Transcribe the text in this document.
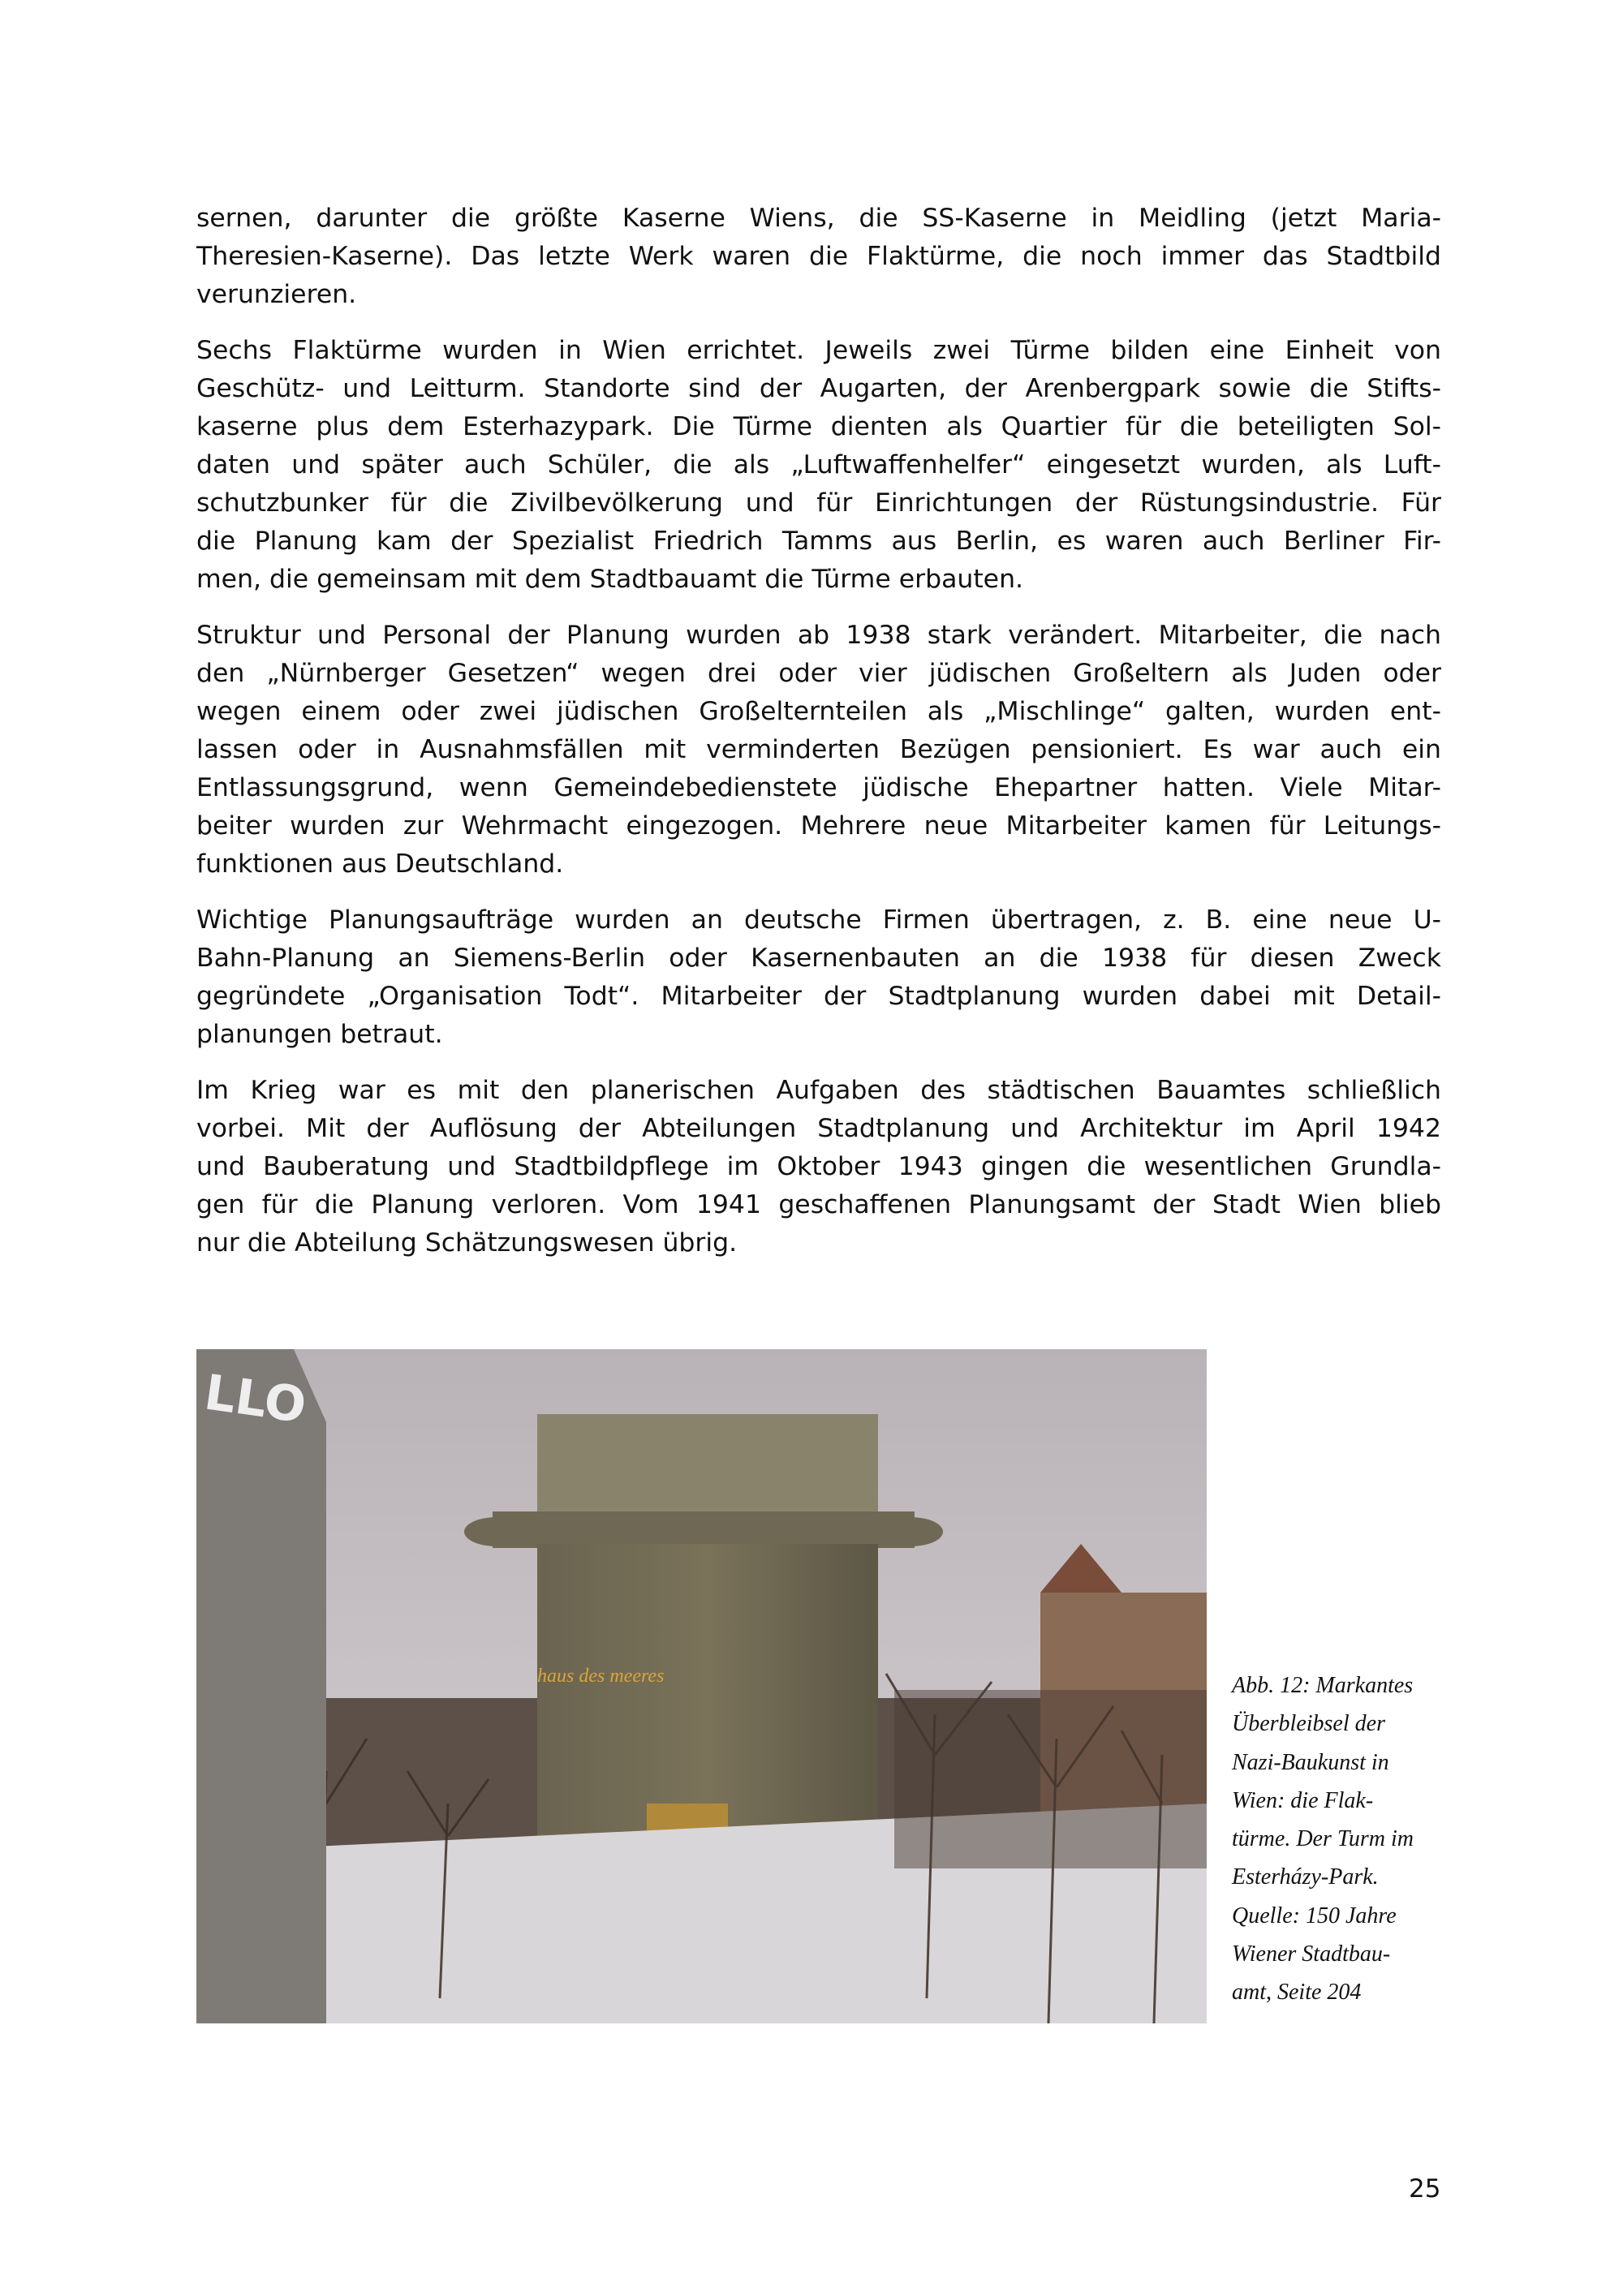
sernen, darunter die größte Kaserne Wiens, die SS-Kaserne in Meidling (jetzt Maria-
Theresien-Kaserne). Das letzte Werk waren die Flaktürme, die noch immer das Stadtbild
verunzieren.
Sechs Flaktürme wurden in Wien errichtet. Jeweils zwei Türme bilden eine Einheit von
Geschütz- und Leitturm. Standorte sind der Augarten, der Arenbergpark sowie die Stifts-
kaserne plus dem Esterhazypark. Die Türme dienten als Quartier für die beteiligten Sol-
daten und später auch Schüler, die als „Luftwaffenhelfer“ eingesetzt wurden, als Luft-
schutzbunker für die Zivilbevölkerung und für Einrichtungen der Rüstungsindustrie. Für
die Planung kam der Spezialist Friedrich Tamms aus Berlin, es waren auch Berliner Fir-
men, die gemeinsam mit dem Stadtbauamt die Türme erbauten.
Struktur und Personal der Planung wurden ab 1938 stark verändert. Mitarbeiter, die nach
den „Nürnberger Gesetzen“ wegen drei oder vier jüdischen Großeltern als Juden oder
wegen einem oder zwei jüdischen Großelternteilen als „Mischlinge“ galten, wurden ent-
lassen oder in Ausnahmsfällen mit verminderten Bezügen pensioniert. Es war auch ein
Entlassungsgrund, wenn Gemeindebedienstete jüdische Ehepartner hatten. Viele Mitar-
beiter wurden zur Wehrmacht eingezogen. Mehrere neue Mitarbeiter kamen für Leitungs-
funktionen aus Deutschland.
Wichtige Planungsaufträge wurden an deutsche Firmen übertragen, z. B. eine neue U-
Bahn-Planung an Siemens-Berlin oder Kasernenbauten an die 1938 für diesen Zweck
gegründete „Organisation Todt“. Mitarbeiter der Stadtplanung wurden dabei mit Detail-
planungen betraut.
Im Krieg war es mit den planerischen Aufgaben des städtischen Bauamtes schließlich
vorbei. Mit der Auflösung der Abteilungen Stadtplanung und Architektur im April 1942
und Bauberatung und Stadtbildpflege im Oktober 1943 gingen die wesentlichen Grundla-
gen für die Planung verloren. Vom 1941 geschaffenen Planungsamt der Stadt Wien blieb
nur die Abteilung Schätzungswesen übrig.
haus des meeres
LLO
Abb. 12: Markantes
Überbleibsel der
Nazi-Baukunst in
Wien: die Flak-
türme. Der Turm im
Esterházy-Park.
Quelle: 150 Jahre
Wiener Stadtbau-
amt, Seite 204
25
